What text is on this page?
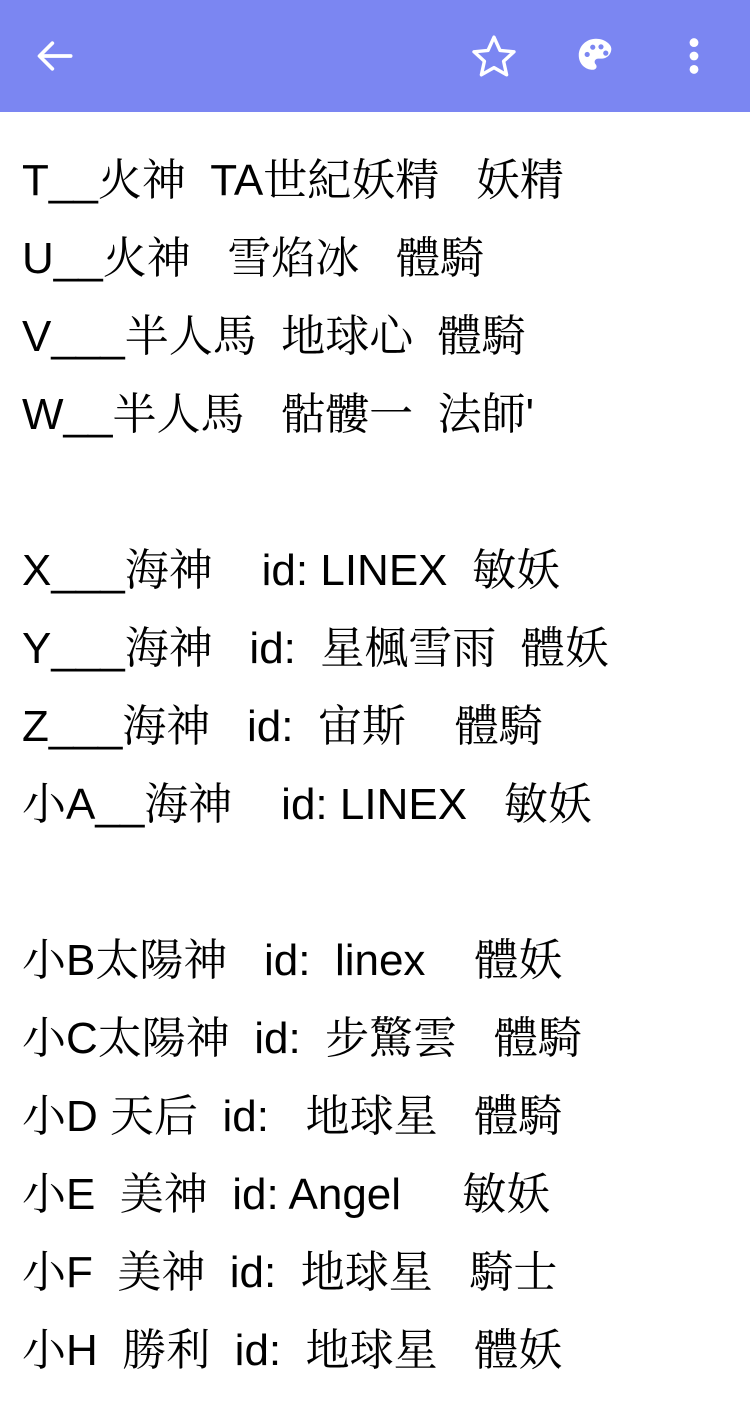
T__火神  TA世紀妖精   妖精
U__火神   雪焰冰   體騎
V___半人馬  地球心  體騎
W__半人馬   骷髏一  法師'
X___海神    id: LINEX  敏妖
Y___海神   id:  星楓雪雨  體妖
Z___海神   id:  宙斯    體騎
小A__海神    id: LINEX   敏妖
小B太陽神   id:  linex    體妖
小C太陽神  id:  步驚雲   體騎
小D 天后  id:   地球星   體騎
小E  美神  id: Angel     敏妖
小F  美神  id:  地球星   騎士
小H  勝利  id:  地球星   體妖
